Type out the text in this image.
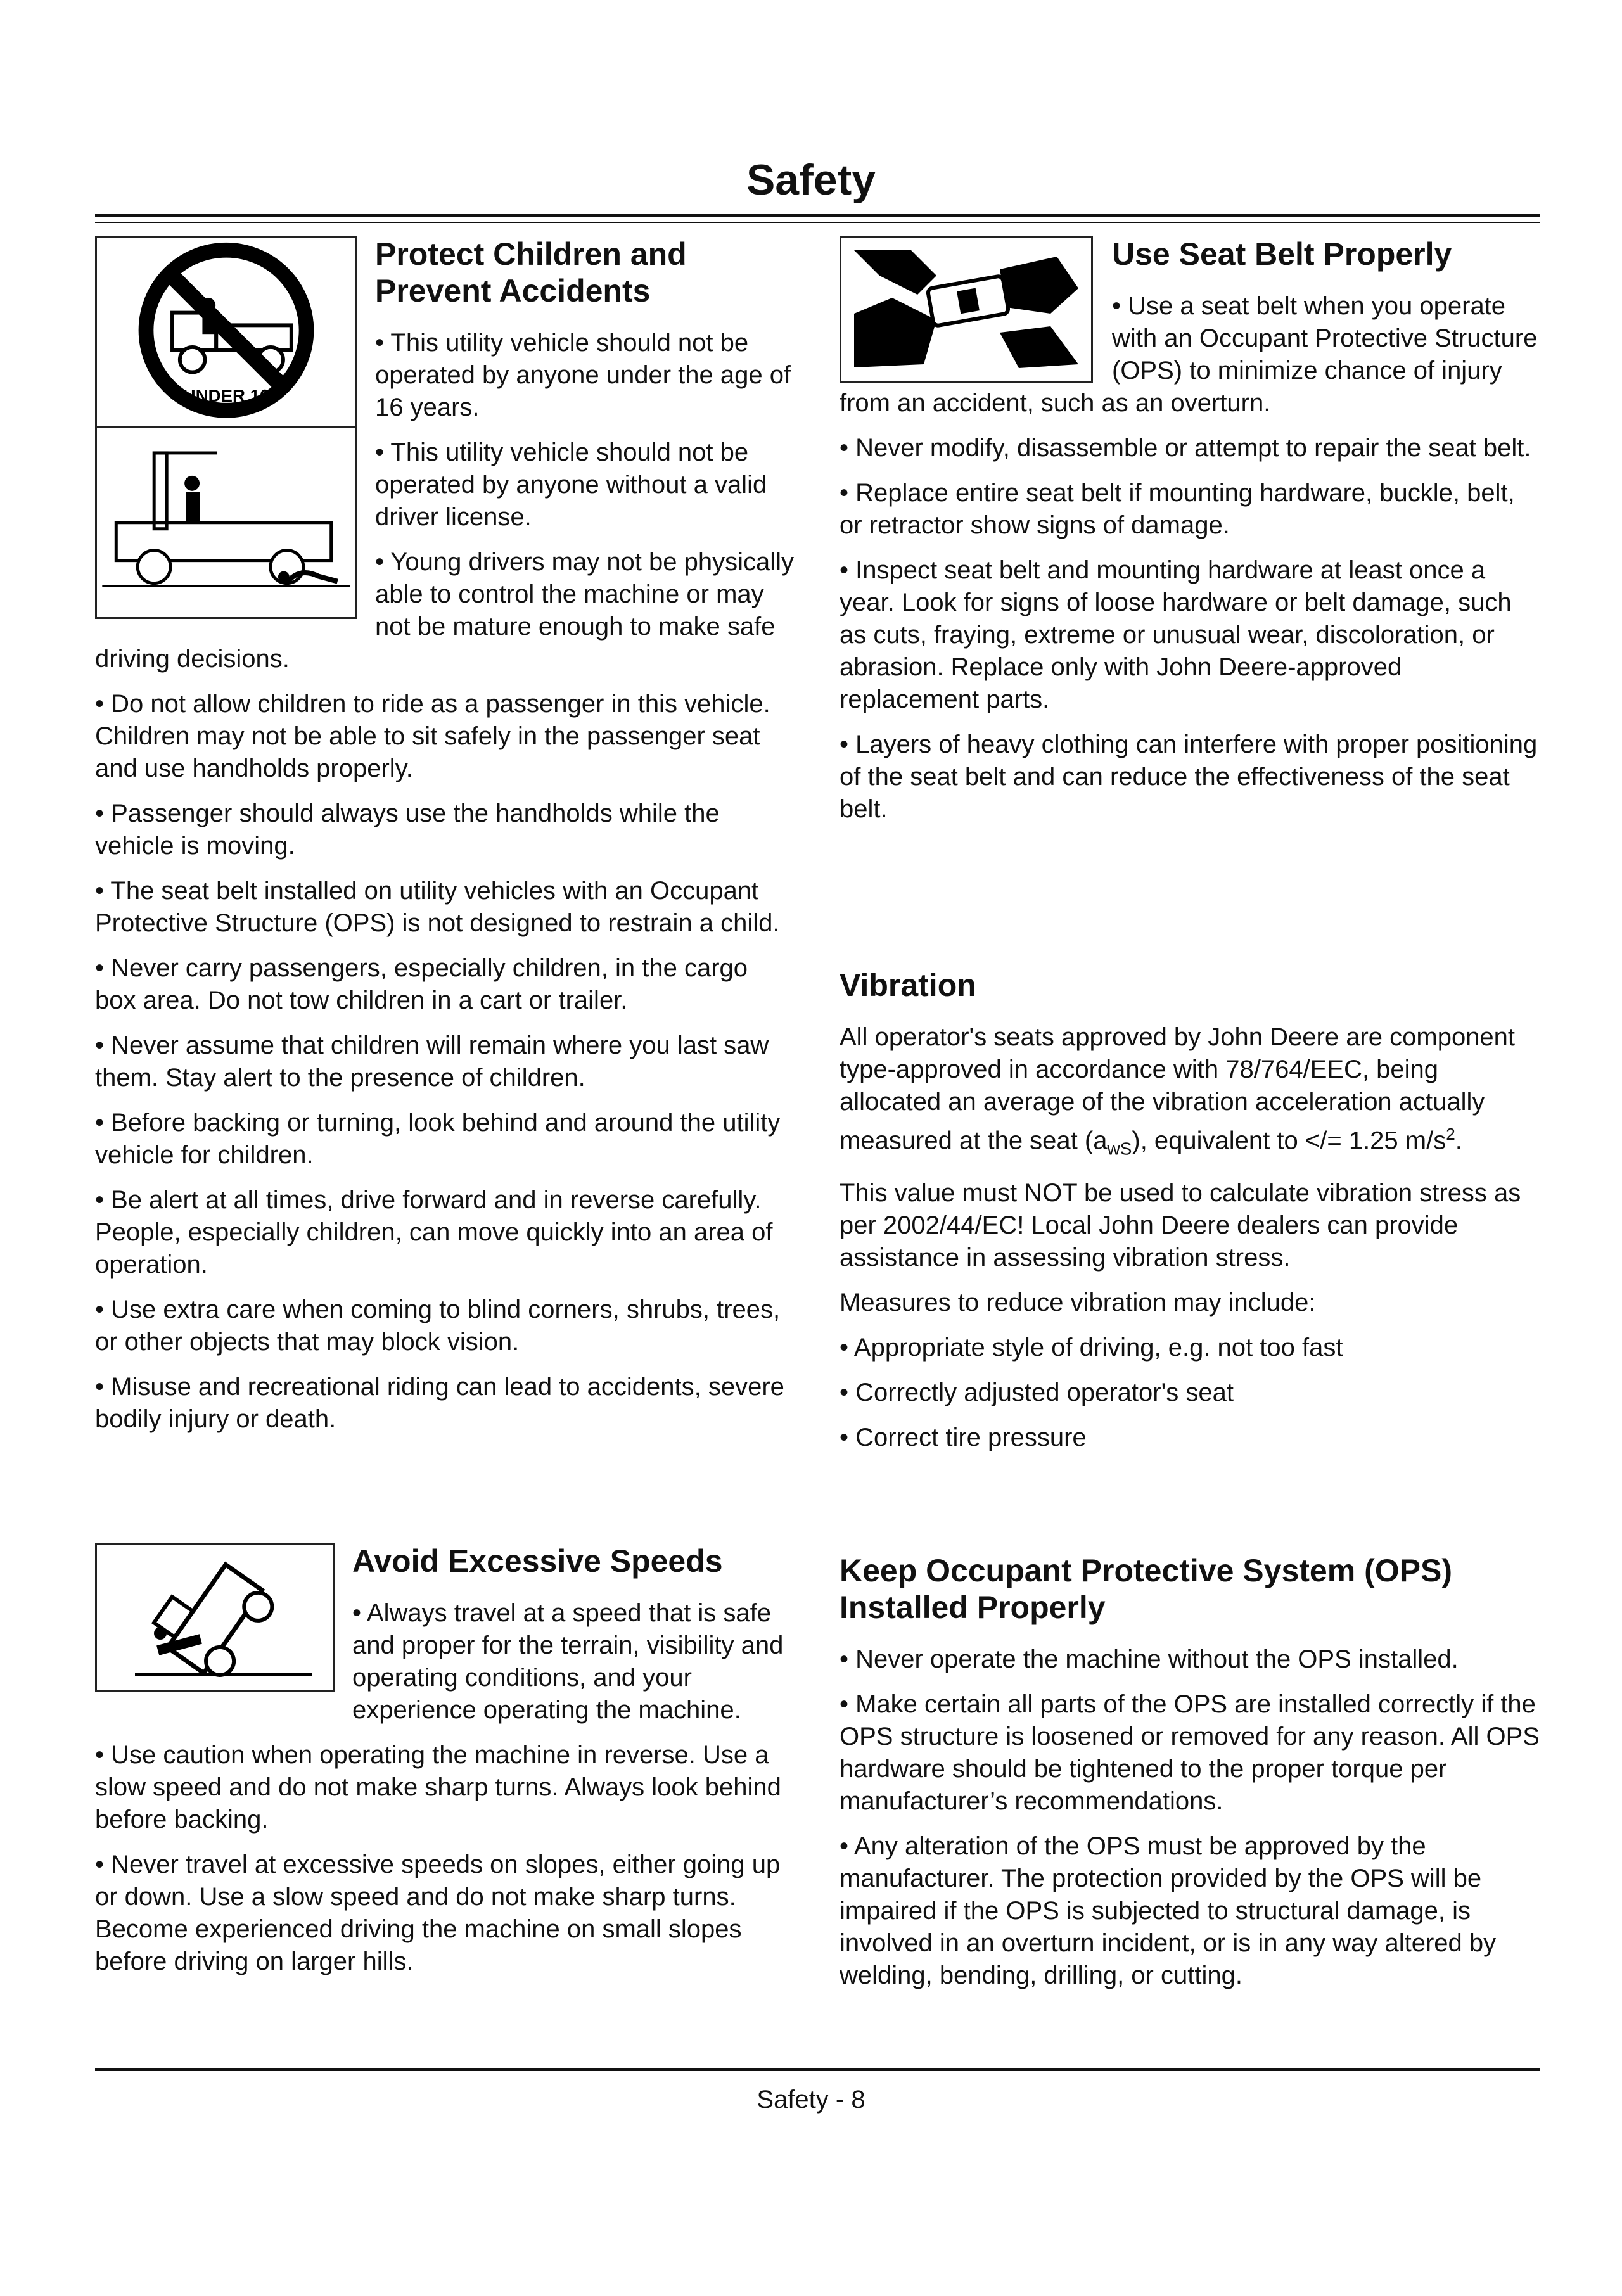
Safety
UNDER 16
Protect Children and Prevent Accidents

• This utility vehicle should not be operated by anyone under the age of 16 years.

• This utility vehicle should not be operated by anyone without a valid driver license.

• Young drivers may not be physically able to control the machine or may not be mature enough to make safe driving decisions.

• Do not allow children to ride as a passenger in this vehicle. Children may not be able to sit safely in the passenger seat and use handholds properly.

• Passenger should always use the handholds while the vehicle is moving.

• The seat belt installed on utility vehicles with an Occupant Protective Structure (OPS) is not designed to restrain a child.

• Never carry passengers, especially children, in the cargo box area. Do not tow children in a cart or trailer.

• Never assume that children will remain where you last saw them. Stay alert to the presence of children.

• Before backing or turning, look behind and around the utility vehicle for children.

• Be alert at all times, drive forward and in reverse carefully. People, especially children, can move quickly into an area of operation.

• Use extra care when coming to blind corners, shrubs, trees, or other objects that may block vision.

• Misuse and recreational riding can lead to accidents, severe bodily injury or death.

Avoid Excessive Speeds

• Always travel at a speed that is safe and proper for the terrain, visibility and operating conditions, and your experience operating the machine.

• Use caution when operating the machine in reverse. Use a slow speed and do not make sharp turns. Always look behind before backing.

• Never travel at excessive speeds on slopes, either going up or down. Use a slow speed and do not make sharp turns. Become experienced driving the machine on small slopes before driving on larger hills.

Use Seat Belt Properly

• Use a seat belt when you operate with an Occupant Protective Structure (OPS) to minimize chance of injury from an accident, such as an overturn.

• Never modify, disassemble or attempt to repair the seat belt.

• Replace entire seat belt if mounting hardware, buckle, belt, or retractor show signs of damage.

• Inspect seat belt and mounting hardware at least once a year. Look for signs of loose hardware or belt damage, such as cuts, fraying, extreme or unusual wear, discoloration, or abrasion. Replace only with John Deere-approved replacement parts.

• Layers of heavy clothing can interfere with proper positioning of the seat belt and can reduce the effectiveness of the seat belt.

Vibration

All operator's seats approved by John Deere are component type-approved in accordance with 78/764/EEC, being allocated an average of the vibration acceleration actually measured at the seat $(a_{wS})$, equivalent to </= 1.25 $m/s^2$.

This value must NOT be used to calculate vibration stress as per 2002/44/EC! Local John Deere dealers can provide assistance in assessing vibration stress.

Measures to reduce vibration may include:

• Appropriate style of driving, e.g. not too fast

• Correctly adjusted operator's seat

• Correct tire pressure

Keep Occupant Protective System (OPS) Installed Properly

• Never operate the machine without the OPS installed.

• Make certain all parts of the OPS are installed correctly if the OPS structure is loosened or removed for any reason. All OPS hardware should be tightened to the proper torque per manufacturer’s recommendations.

• Any alteration of the OPS must be approved by the manufacturer. The protection provided by the OPS will be impaired if the OPS is subjected to structural damage, is involved in an overturn incident, or is in any way altered by welding, bending, drilling, or cutting.

Safety - 8
